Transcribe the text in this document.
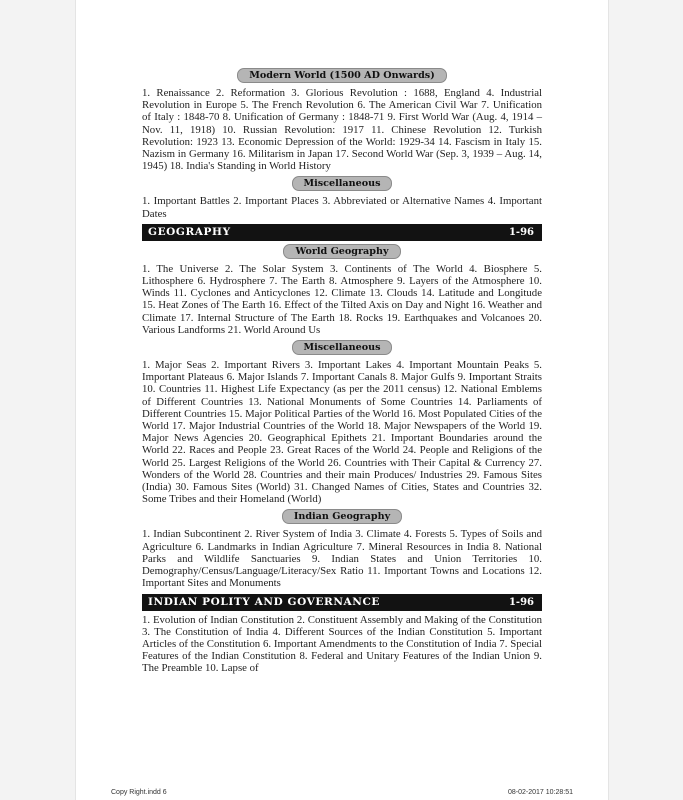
Modern World (1500 AD Onwards)

1. Renaissance 2. Reformation 3. Glorious Revolution : 1688, England 4. Industrial Revolution in Europe 5. The French Revolution 6. The American Civil War 7. Unification of Italy : 1848-70 8. Unification of Germany : 1848-71 9. First World War (Aug. 4, 1914 – Nov. 11, 1918) 10. Russian Revolution: 1917 11. Chinese Revolution 12. Turkish Revolution: 1923 13. Economic Depression of the World: 1929-34 14. Fascism in Italy 15. Nazism in Germany 16. Militarism in Japan 17. Second World War (Sep. 3, 1939 – Aug. 14, 1945) 18. India's Standing in World History

Miscellaneous

1. Important Battles 2. Important Places 3. Abbreviated or Alternative Names 4. Important Dates

GEOGRAPHY	1-96
World Geography

1. The Universe 2. The Solar System 3. Continents of The World 4. Biosphere 5. Lithosphere 6. Hydrosphere 7. The Earth 8. Atmosphere 9. Layers of the Atmosphere 10. Winds 11. Cyclones and Anticyclones 12. Climate 13. Clouds 14. Latitude and Longitude 15. Heat Zones of The Earth 16. Effect of the Tilted Axis on Day and Night 16. Weather and Climate 17. Internal Structure of The Earth 18. Rocks 19. Earthquakes and Volcanoes 20. Various Landforms 21. World Around Us

Miscellaneous

1. Major Seas 2. Important Rivers 3. Important Lakes 4. Important Mountain Peaks 5. Important Plateaus 6. Major Islands 7. Important Canals 8. Major Gulfs 9. Important Straits 10. Countries 11. Highest Life Expectancy (as per the 2011 census) 12. National Emblems of Different Countries 13. National Monuments of Some Countries 14. Parliaments of Different Countries 15. Major Political Parties of the World 16. Most Populated Cities of the World 17. Major Industrial Countries of the World 18. Major Newspapers of the World 19. Major News Agencies 20. Geographical Epithets 21. Important Boundaries around the World 22. Races and People 23. Great Races of the World 24. People and Religions of the World 25. Largest Religions of the World 26. Countries with Their Capital & Currency 27. Wonders of the World 28. Countries and their main Produces/ Industries 29. Famous Sites (India) 30. Famous Sites (World) 31. Changed Names of Cities, States and Countries 32. Some Tribes and their Homeland (World)

Indian Geography

1. Indian Subcontinent 2. River System of India 3. Climate 4. Forests 5. Types of Soils and Agriculture 6. Landmarks in Indian Agriculture 7. Mineral Resources in India 8. National Parks and Wildlife Sanctuaries 9. Indian States and Union Territories 10. Demography/Census/Language/Literacy/Sex Ratio 11. Important Towns and Locations 12. Important Sites and Monuments

INDIAN POLITY AND GOVERNANCE	1-96

1. Evolution of Indian Constitution 2. Constituent Assembly and Making of the Constitution 3. The Constitution of India 4. Different Sources of the Indian Constitution 5. Important Articles of the Constitution 6. Important Amendments to the Constitution of India 7. Special Features of the Indian Constitution 8. Federal and Unitary Features of the Indian Union 9. The Preamble 10. Lapse of

Copy Right.indd 6	08-02-2017 10:28:51
